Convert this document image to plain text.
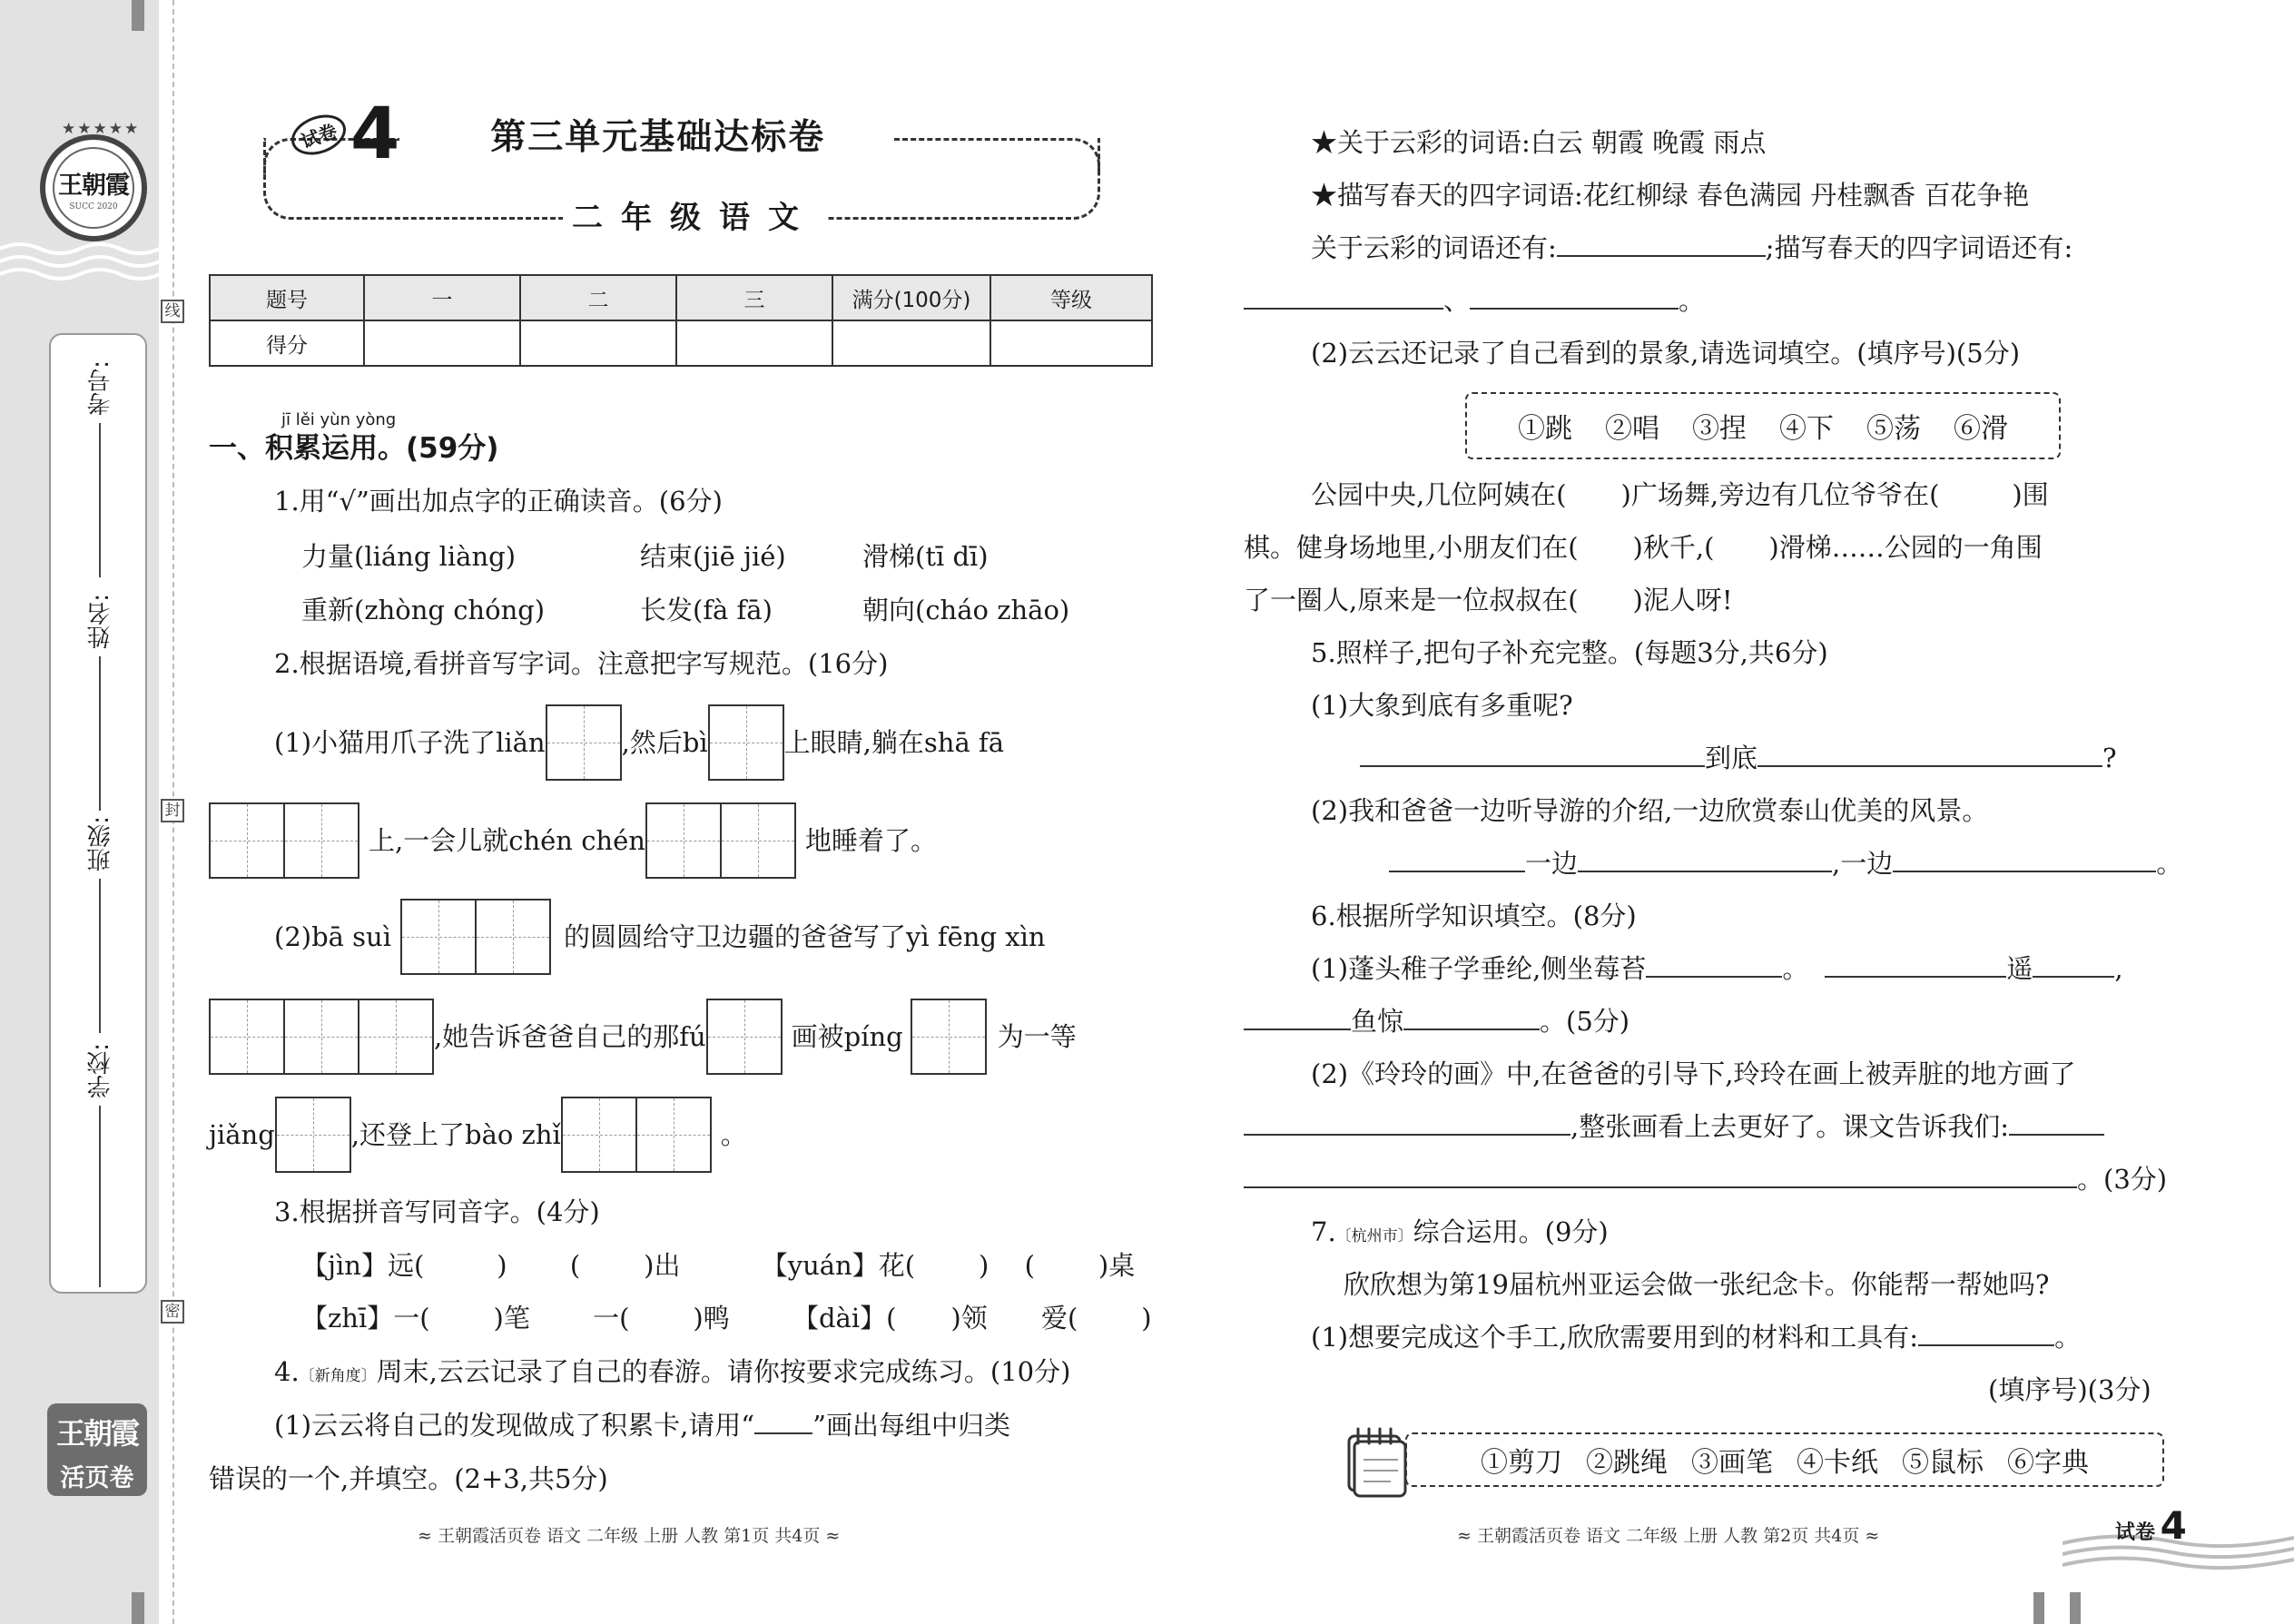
线
封
密
★★★★★
王朝霞
SUCC 2020
考号:
姓名:
班级:
学校:
王朝霞
活页卷
试卷 4	第三单元基础达标卷
二年级语文
题号	一	二	三	满分(100分)	等级
得分					
jī lěi yùn yòng
一、积累运用。(59分)
1.用“√”画出加点字的正确读音。(6分)
力量(liáng liàng)	结束(jiē jié)	滑梯(tī dī)
重新(zhòng chóng)	长发(fà fā)	朝向(cháo zhāo)
2.根据语境,看拼音写字词。注意把字写规范。(16分)
(1)小猫用爪子洗了liǎn	,然后bì	上眼睛,躺在shā fā
上,一会儿就chén chén	地睡着了。
(2)bā suì	的圆圆给守卫边疆的爸爸写了yì fēng xìn
,她告诉爸爸自己的那fú	画被píng	为一等
jiǎng	,还登上了bào zhǐ	。
3.根据拼音写同音字。(4分)
【jìn】远(	) ( )出	【yuán】花( ) ( )桌
【zhī】一( )笔 一( )鸭 【dài】( )领 爱( )
4.〔新角度〕周末,云云记录了自己的春游。请你按要求完成练习。(10分)
(1)云云将自己的发现做成了积累卡,请用“ ”画出每组中归类
错误的一个,并填空。(2+3,共5分)
≈ 王朝霞活页卷 语文 二年级 上册 人教 第1页 共4页 ≈
★关于云彩的词语:白云 朝霞 晚霞 雨点
★描写春天的四字词语:花红柳绿 春色满园 丹桂飘香 百花争艳
关于云彩的词语还有:	;描写春天的四字词语还有:
、	。
(2)云云还记录了自己看到的景象,请选词填空。(填序号)(5分)
①跳 ②唱 ③捏 ④下 ⑤荡 ⑥滑
公园中央,几位阿姨在( )广场舞,旁边有几位爷爷在(	)围
棋。健身场地里,小朋友们在( )秋千,( )滑梯……公园的一角围
了一圈人,原来是一位叔叔在( )泥人呀!
5.照样子,把句子补充完整。(每题3分,共6分)
(1)大象到底有多重呢?
到底	?
(2)我和爸爸一边听导游的介绍,一边欣赏泰山优美的风景。
一边	,一边	。
6.根据所学知识填空。(8分)
(1)蓬头稚子学垂纶,侧坐莓苔	。	遥	,
鱼惊	。(5分)
(2)《玲玲的画》中,在爸爸的引导下,玲玲在画上被弄脏的地方画了
,整张画看上去更好了。课文告诉我们:
。(3分)
7.〔杭州市〕综合运用。(9分)
欣欣想为第19届杭州亚运会做一张纪念卡。你能帮一帮她吗?
(1)想要完成这个手工,欣欣需要用到的材料和工具有:	。
(填序号)(3分)
①剪刀 ②跳绳 ③画笔 ④卡纸 ⑤鼠标 ⑥字典
≈ 王朝霞活页卷 语文 二年级 上册 人教 第2页 共4页 ≈	试卷 4
